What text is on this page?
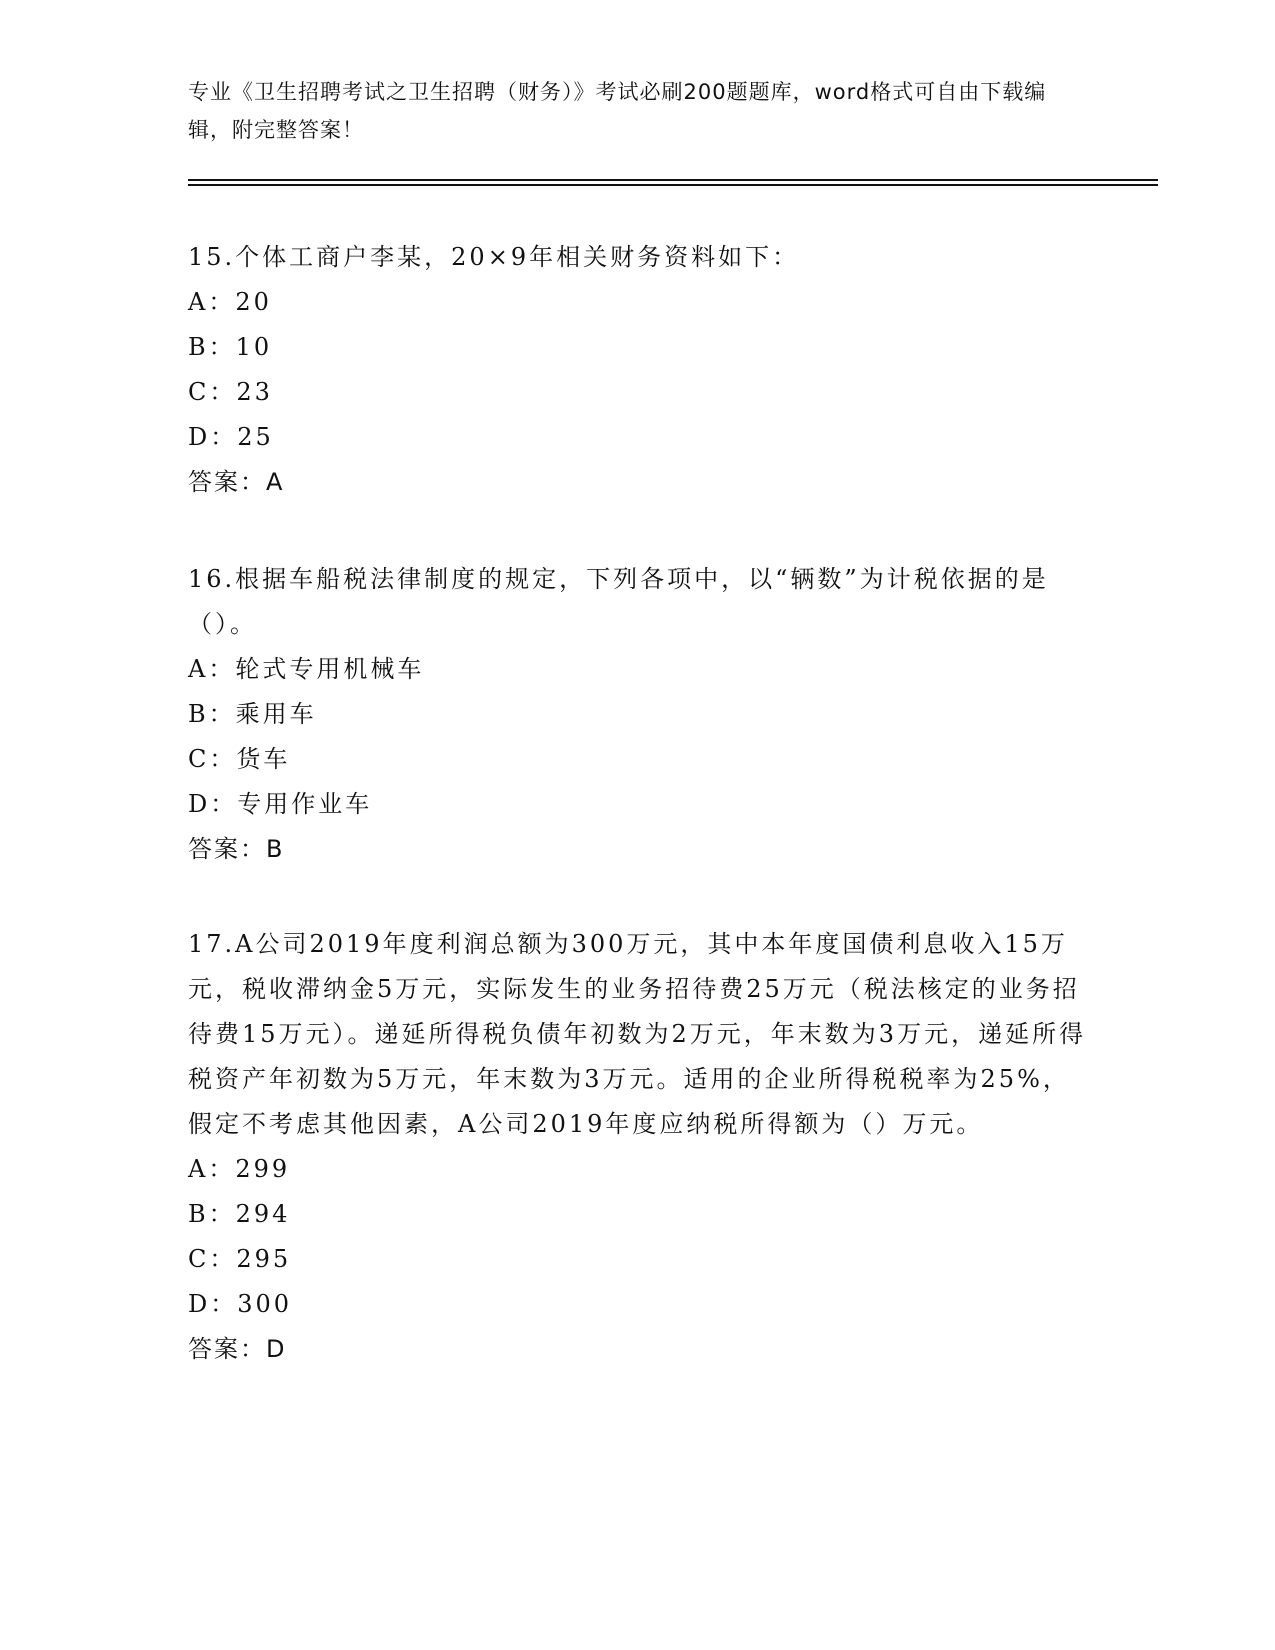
专业《卫生招聘考试之卫生招聘（财务）》考试必刷200题题库，word格式可自由下载编辑，附完整答案！

15.个体工商户李某，20×9年相关财务资料如下：

A：20
B：10
C：23
D：25
答案：A

16.根据车船税法律制度的规定，下列各项中，以“辆数”为计税依据的是（）。

A：轮式专用机械车
B：乘用车
C：货车
D：专用作业车
答案：B

17.A公司2019年度利润总额为300万元，其中本年度国债利息收入15万元，税收滞纳金5万元，实际发生的业务招待费25万元（税法核定的业务招待费15万元）。递延所得税负债年初数为2万元，年末数为3万元，递延所得税资产年初数为5万元，年末数为3万元。适用的企业所得税税率为25%，假定不考虑其他因素，A公司2019年度应纳税所得额为（）万元。

A：299
B：294
C：295
D：300
答案：D
